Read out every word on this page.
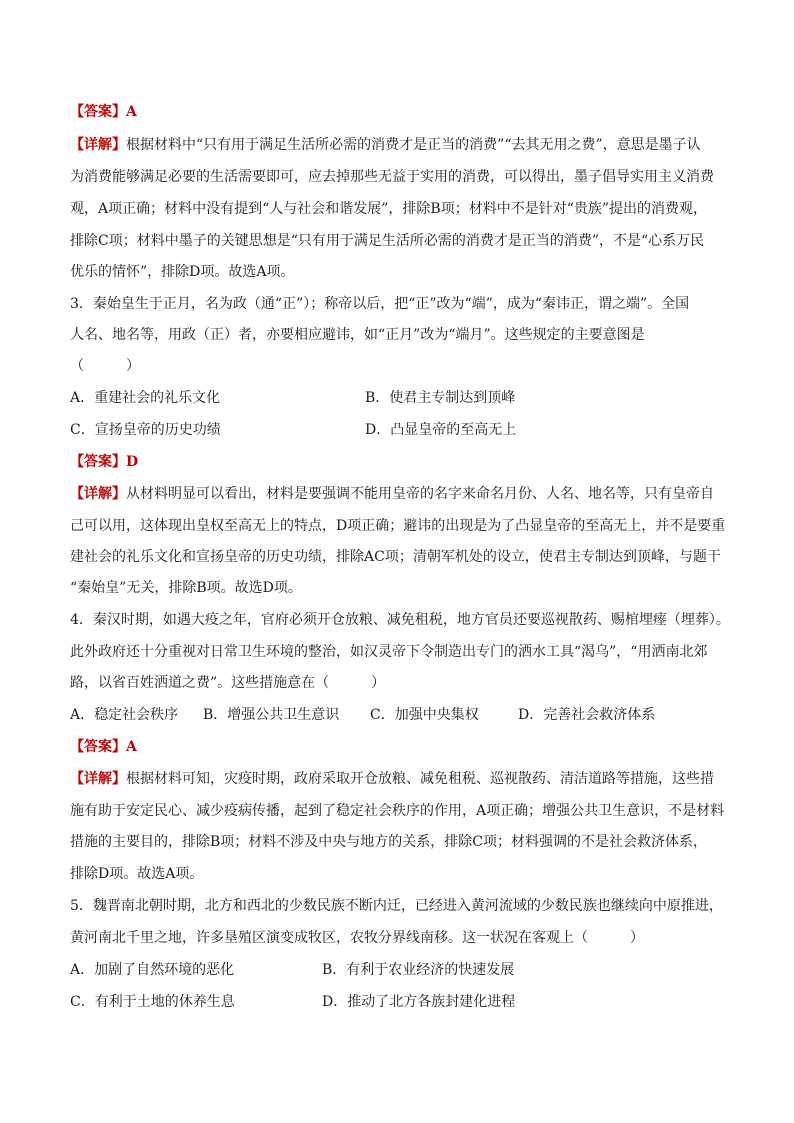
【答案】A
【详解】根据材料中“只有用于满足生活所必需的消费才是正当的消费”“去其无用之费”，意思是墨子认
为消费能够满足必要的生活需要即可，应去掉那些无益于实用的消费，可以得出，墨子倡导实用主义消费
观，A项正确；材料中没有提到“人与社会和谐发展”，排除B项；材料中不是针对“贵族”提出的消费观，
排除C项；材料中墨子的关键思想是“只有用于满足生活所必需的消费才是正当的消费”，不是“心系万民
优乐的情怀”，排除D项。故选A项。
3．秦始皇生于正月，名为政（通“正”）；称帝以后，把“正”改为“端”，成为“秦讳正，谓之端”。全国
人名、地名等，用政（正）者，亦要相应避讳，如“正月”改为“端月”。这些规定的主要意图是
（　　　）
A．重建社会的礼乐文化	B．使君主专制达到顶峰
C．宣扬皇帝的历史功绩	D．凸显皇帝的至高无上
【答案】D
【详解】从材料明显可以看出，材料是要强调不能用皇帝的名字来命名月份、人名、地名等，只有皇帝自
己可以用，这体现出皇权至高无上的特点，D项正确；避讳的出现是为了凸显皇帝的至高无上，并不是要重
建社会的礼乐文化和宣扬皇帝的历史功绩，排除AC项；清朝军机处的设立，使君主专制达到顶峰，与题干
“秦始皇”无关，排除B项。故选D项。
4．秦汉时期，如遇大疫之年，官府必须开仓放粮、减免租税，地方官员还要巡视散药、赐棺埋瘗（埋葬）。
此外政府还十分重视对日常卫生环境的整治，如汉灵帝下令制造出专门的洒水工具“渴乌”，“用洒南北郊
路，以省百姓洒道之费”。这些措施意在（　　　）
A．稳定社会秩序 B．增强公共卫生意识 C．加强中央集权	D．完善社会救济体系
【答案】A
【详解】根据材料可知，灾疫时期，政府采取开仓放粮、减免租税、巡视散药、清洁道路等措施，这些措
施有助于安定民心、减少疫病传播，起到了稳定社会秩序的作用，A项正确；增强公共卫生意识，不是材料
措施的主要目的，排除B项；材料不涉及中央与地方的关系，排除C项；材料强调的不是社会救济体系，
排除D项。故选A项。
5．魏晋南北朝时期，北方和西北的少数民族不断内迁，已经进入黄河流域的少数民族也继续向中原推进，
黄河南北千里之地，许多垦殖区演变成牧区，农牧分界线南移。这一状况在客观上（　　　）
A．加剧了自然环境的恶化	B．有利于农业经济的快速发展
C．有利于土地的休养生息	D．推动了北方各族封建化进程
